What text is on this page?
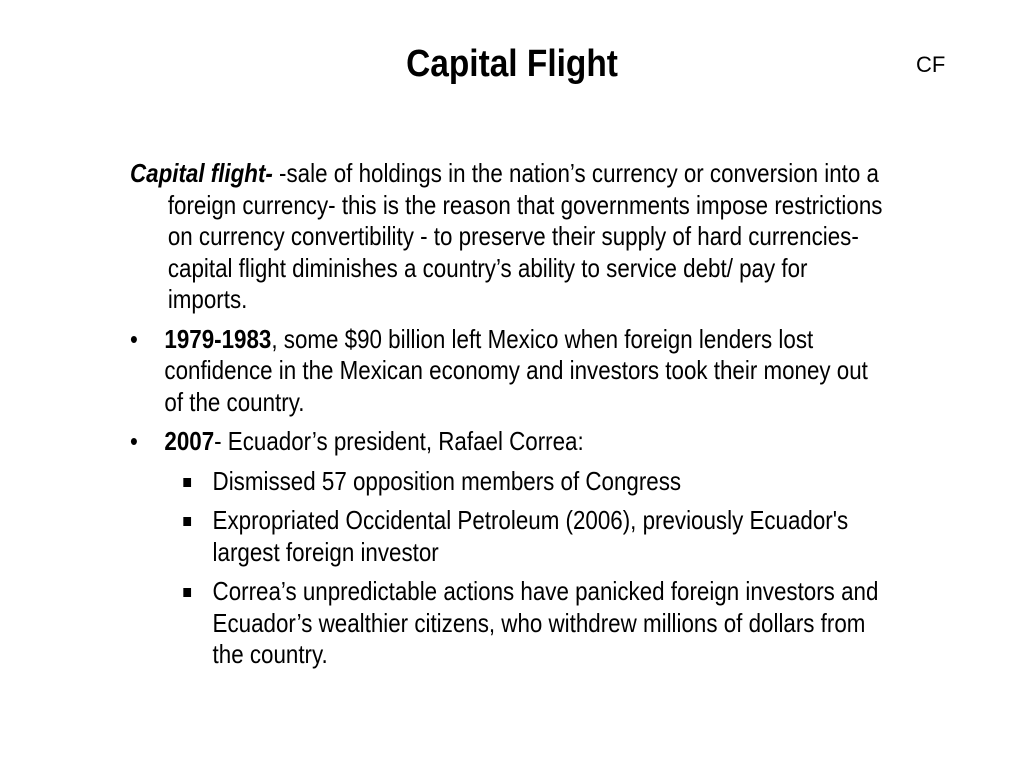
Capital Flight	CF

Capital flight- -sale of holdings in the nation’s currency or conversion into a foreign currency- this is the reason that governments impose restrictions on currency convertibility - to preserve their supply of hard currencies- capital flight diminishes a country’s ability to service debt/ pay for imports.

•	1979-1983, some $90 billion left Mexico when foreign lenders lost confidence in the Mexican economy and investors took their money out of the country.
•	2007- Ecuador’s president, Rafael Correa:
Dismissed 57 opposition members of Congress
Expropriated Occidental Petroleum (2006), previously Ecuador's largest foreign investor
Correa’s unpredictable actions have panicked foreign investors and Ecuador’s wealthier citizens, who withdrew millions of dollars from the country.
